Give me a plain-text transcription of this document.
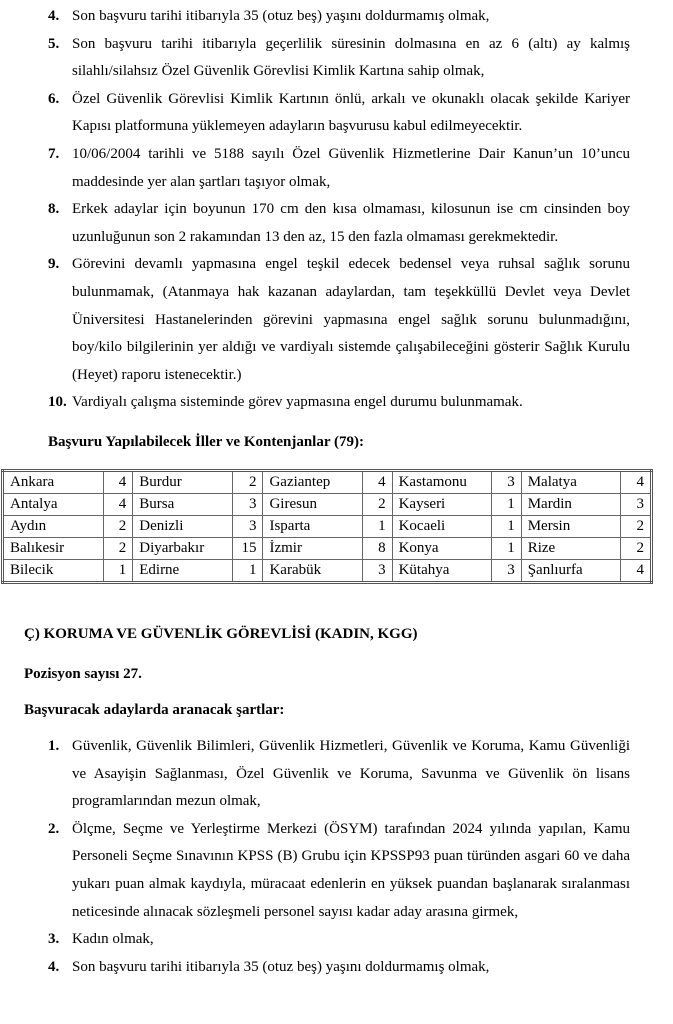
4. Son başvuru tarihi itibarıyla 35 (otuz beş) yaşını doldurmamış olmak,
5. Son başvuru tarihi itibarıyla geçerlilik süresinin dolmasına en az 6 (altı) ay kalmış silahlı/silahsız Özel Güvenlik Görevlisi Kimlik Kartına sahip olmak,
6. Özel Güvenlik Görevlisi Kimlik Kartının önlü, arkalı ve okunaklı olacak şekilde Kariyer Kapısı platformuna yüklemeyen adayların başvurusu kabul edilmeyecektir.
7. 10/06/2004 tarihli ve 5188 sayılı Özel Güvenlik Hizmetlerine Dair Kanun’un 10’uncu maddesinde yer alan şartları taşıyor olmak,
8. Erkek adaylar için boyunun 170 cm den kısa olmaması, kilosunun ise cm cinsinden boy uzunluğunun son 2 rakamından 13 den az, 15 den fazla olmaması gerekmektedir.
9. Görevini devamlı yapmasına engel teşkil edecek bedensel veya ruhsal sağlık sorunu bulunmamak, (Atanmaya hak kazanan adaylardan, tam teşekküllü Devlet veya Devlet Üniversitesi Hastanelerinden görevini yapmasına engel sağlık sorunu bulunmadığını, boy/kilo bilgilerinin yer aldığı ve vardiyalı sistemde çalışabileceğini gösterir Sağlık Kurulu (Heyet) raporu istenecektir.)
10. Vardiyalı çalışma sisteminde görev yapmasına engel durumu bulunmamak.
Başvuru Yapılabilecek İller ve Kontenjanlar (79):
Ankara	4	Burdur	2	Gaziantep	4	Kastamonu	3	Malatya	4
Antalya	4	Bursa	3	Giresun	2	Kayseri	1	Mardin	3
Aydın	2	Denizli	3	Isparta	1	Kocaeli	1	Mersin	2
Balıkesir	2	Diyarbakır	15	İzmir	8	Konya	1	Rize	2
Bilecik	1	Edirne	1	Karabük	3	Kütahya	3	Şanlıurfa	4
Ç) KORUMA VE GÜVENLİK GÖREVLİSİ (KADIN, KGG)
Pozisyon sayısı 27.
Başvuracak adaylarda aranacak şartlar:
1. Güvenlik, Güvenlik Bilimleri, Güvenlik Hizmetleri, Güvenlik ve Koruma, Kamu Güvenliği ve Asayişin Sağlanması, Özel Güvenlik ve Koruma, Savunma ve Güvenlik ön lisans programlarından mezun olmak,
2. Ölçme, Seçme ve Yerleştirme Merkezi (ÖSYM) tarafından 2024 yılında yapılan, Kamu Personeli Seçme Sınavının KPSS (B) Grubu için KPSSP93 puan türünden asgari 60 ve daha yukarı puan almak kaydıyla, müracaat edenlerin en yüksek puandan başlanarak sıralanması neticesinde alınacak sözleşmeli personel sayısı kadar aday arasına girmek,
3. Kadın olmak,
4. Son başvuru tarihi itibarıyla 35 (otuz beş) yaşını doldurmamış olmak,
